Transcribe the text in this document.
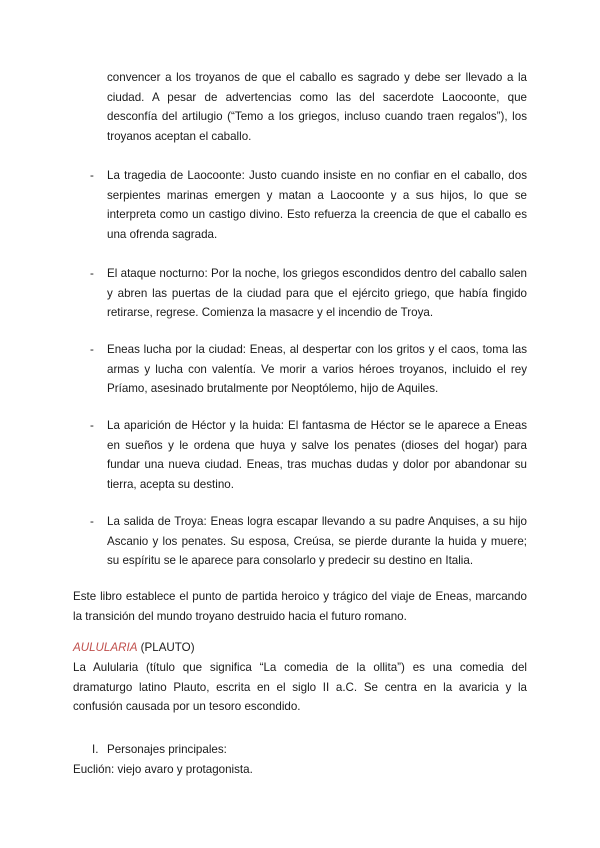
convencer a los troyanos de que el caballo es sagrado y debe ser llevado a la ciudad. A pesar de advertencias como las del sacerdote Laocoonte, que desconfía del artilugio (“Temo a los griegos, incluso cuando traen regalos”), los troyanos aceptan el caballo.

- La tragedia de Laocoonte: Justo cuando insiste en no confiar en el caballo, dos serpientes marinas emergen y matan a Laocoonte y a sus hijos, lo que se interpreta como un castigo divino. Esto refuerza la creencia de que el caballo es una ofrenda sagrada.

- El ataque nocturno: Por la noche, los griegos escondidos dentro del caballo salen y abren las puertas de la ciudad para que el ejército griego, que había fingido retirarse, regrese. Comienza la masacre y el incendio de Troya.

- Eneas lucha por la ciudad: Eneas, al despertar con los gritos y el caos, toma las armas y lucha con valentía. Ve morir a varios héroes troyanos, incluido el rey Príamo, asesinado brutalmente por Neoptólemo, hijo de Aquiles.

- La aparición de Héctor y la huida: El fantasma de Héctor se le aparece a Eneas en sueños y le ordena que huya y salve los penates (dioses del hogar) para fundar una nueva ciudad. Eneas, tras muchas dudas y dolor por abandonar su tierra, acepta su destino.

- La salida de Troya: Eneas logra escapar llevando a su padre Anquises, a su hijo Ascanio y los penates. Su esposa, Creúsa, se pierde durante la huida y muere; su espíritu se le aparece para consolarlo y predecir su destino en Italia.

Este libro establece el punto de partida heroico y trágico del viaje de Eneas, marcando la transición del mundo troyano destruido hacia el futuro romano.

AULULARIA (PLAUTO)

La Aulularia (título que significa “La comedia de la ollita”) es una comedia del dramaturgo latino Plauto, escrita en el siglo II a.C. Se centra en la avaricia y la confusión causada por un tesoro escondido.

I. Personajes principales:

Euclión: viejo avaro y protagonista.
